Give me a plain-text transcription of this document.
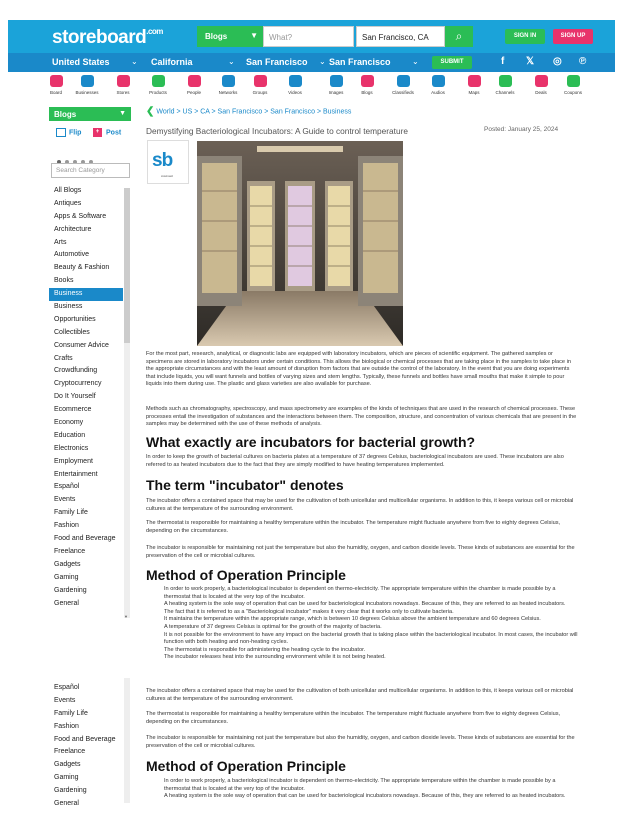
storeboard$^{.com}$
Blogs	▼	What?	San Francisco, CA	⌕	SIGN IN	SIGN UP
United States	⌄ California	⌄ San Francisco ⌄ San Francisco	⌄	SUBMIT	f 𝕏 ◎ ℗
Board	Businesses	Stores	Products	People	Networks	Groups	Videos	Images	Blogs	Classifieds	Audios	Maps	Channels	Deals	Coupons
Blogs	▼
Flip	+ Post
Search Category
All Blogs
Antiques
Apps & Software
Architecture
Arts
Automotive
Beauty & Fashion
Books
Business
Business
Opportunities
Collectibles
Consumer Advice
Crafts
Crowdfunding
Cryptocurrency
Do It Yourself
Ecommerce
Economy
Education
Electronics
Employment
Entertainment
Español
Events
Family Life
Fashion
Food and Beverage
Freelance
Gadgets
Gaming
Gardening
General
Español
Events
Family Life
Fashion
Food and Beverage
Freelance
Gadgets
Gaming
Gardening
General
▼
❮ World > US > CA > San Francisco > San Francisco > Business
Demystifying Bacteriological Incubators: A Guide to control temperature	Posted: January 25, 2024
sb
storeboard
For the most part, research, analytical, or diagnostic labs are equipped with laboratory incubators, which are pieces of scientific equipment. The gathered samples or specimens are stored in laboratory incubators under certain conditions. This allows the biological or chemical processes that are taking place in the samples to take place in the appropriate circumstances and with the least amount of disruption from factors that are outside the control of the laboratory. In the event that you are doing experiments that include liquids, you will want funnels and bottles of varying sizes and stem lengths. Typically, these funnels and bottles have small mouths that make it simple to pour liquids into them during use. The plastic and glass varieties are also available for purchase.
Methods such as chromatography, spectroscopy, and mass spectrometry are examples of the kinds of techniques that are used in the research of chemical processes. These processes entail the investigation of substances and the interactions between them. The composition, structure, and concentration of various chemicals that are present in the samples may be determined with the use of these methods of analysis.
What exactly are incubators for bacterial growth?
In order to keep the growth of bacterial cultures on bacteria plates at a temperature of 37 degrees Celsius, bacteriological incubators are used. These incubators are also referred to as heated incubators due to the fact that they are simply modified to have heating temperatures implemented.
The term "incubator" denotes
The incubator offers a contained space that may be used for the cultivation of both unicellular and multicellular organisms. In addition to this, it keeps various cell or microbial cultures at the temperature of the surrounding environment.
The thermostat is responsible for maintaining a healthy temperature within the incubator. The temperature might fluctuate anywhere from five to eighty degrees Celsius, depending on the circumstances.
The incubator is responsible for maintaining not just the temperature but also the humidity, oxygen, and carbon dioxide levels. These kinds of substances are essential for the preservation of the cell or microbial cultures.
Method of Operation Principle
In order to work properly, a bacteriological incubator is dependent on thermo-electricity. The appropriate temperature within the chamber is made possible by a thermostat that is located at the very top of the incubator.
A heating system is the sole way of operation that can be used for bacteriological incubators nowadays. Because of this, they are referred to as heated incubators.
The fact that it is referred to as a "Bacteriological incubator" makes it very clear that it works only to cultivate bacteria.
It maintains the temperature within the appropriate range, which is between 10 degrees Celsius above the ambient temperature and 60 degrees Celsius.
A temperature of 37 degrees Celsius is optimal for the growth of the majority of bacteria.
It is not possible for the environment to have any impact on the bacterial growth that is taking place within the bacteriological incubator. In most cases, the incubator will function with both heating and non-heating cycles.
The thermostat is responsible for administering the heating cycle to the incubator.
The incubator releases heat into the surrounding environment while it is not being heated.
The incubator offers a contained space that may be used for the cultivation of both unicellular and multicellular organisms. In addition to this, it keeps various cell or microbial cultures at the temperature of the surrounding environment.
The thermostat is responsible for maintaining a healthy temperature within the incubator. The temperature might fluctuate anywhere from five to eighty degrees Celsius, depending on the circumstances.
The incubator is responsible for maintaining not just the temperature but also the humidity, oxygen, and carbon dioxide levels. These kinds of substances are essential for the preservation of the cell or microbial cultures.
Method of Operation Principle
In order to work properly, a bacteriological incubator is dependent on thermo-electricity. The appropriate temperature within the chamber is made possible by a thermostat that is located at the very top of the incubator.
A heating system is the sole way of operation that can be used for bacteriological incubators nowadays. Because of this, they are referred to as heated incubators.
